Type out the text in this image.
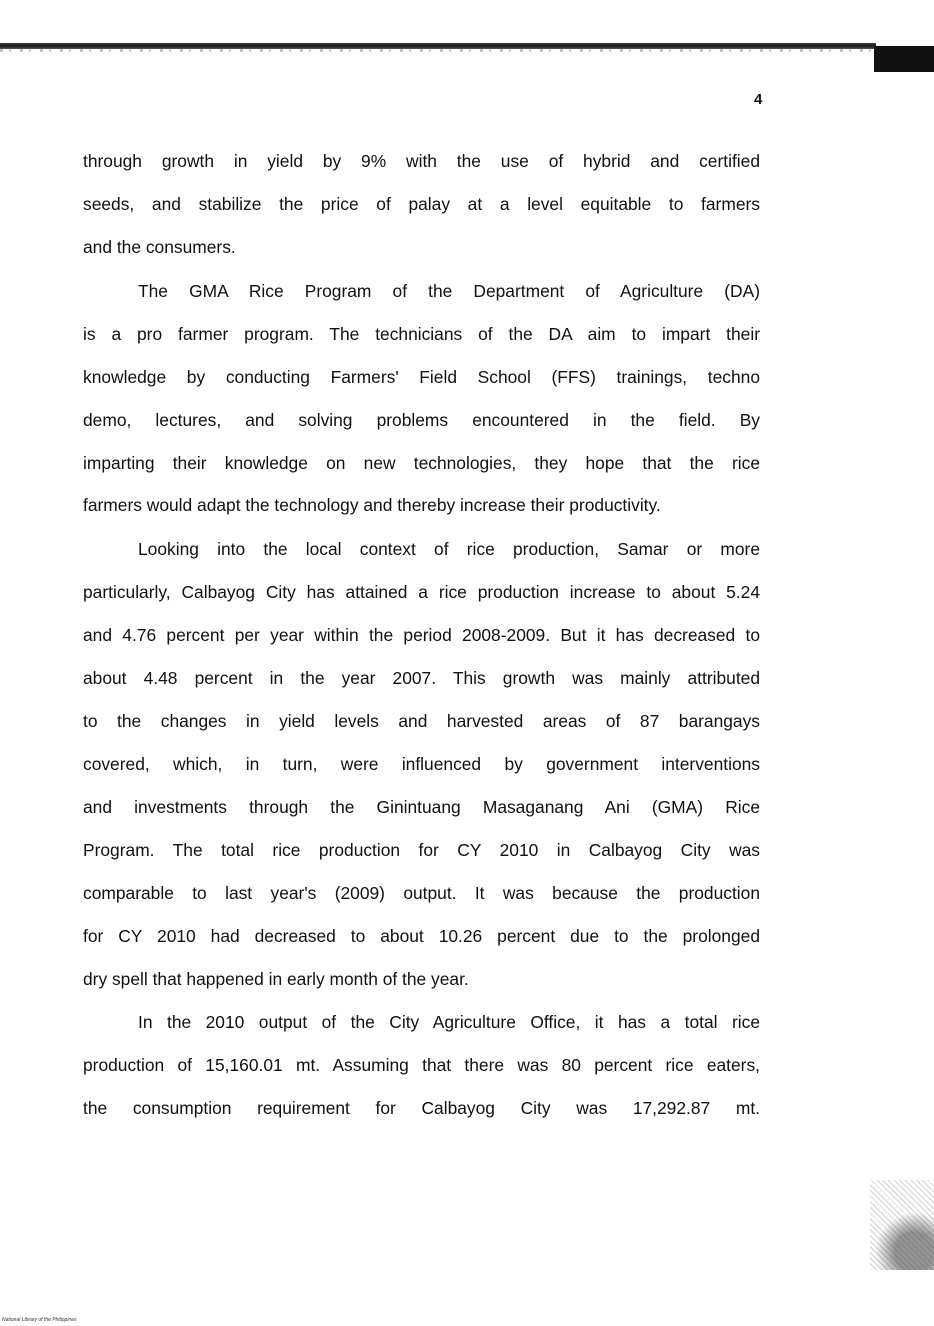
4
through growth in yield by 9% with the use of hybrid and certified
seeds, and stabilize the price of palay at a level equitable to farmers
and the consumers.
The GMA Rice Program of the Department of Agriculture (DA)
is a pro farmer program. The technicians of the DA aim to impart their
knowledge by conducting Farmers' Field School (FFS) trainings, techno
demo, lectures, and solving problems encountered in the field. By
imparting their knowledge on new technologies, they hope that the rice
farmers would adapt the technology and thereby increase their productivity.
Looking into the local context of rice production, Samar or more
particularly, Calbayog City has attained a rice production increase to about 5.24
and 4.76 percent per year within the period 2008-2009. But it has decreased to
about 4.48 percent in the year 2007. This growth was mainly attributed
to the changes in yield levels and harvested areas of 87 barangays
covered, which, in turn, were influenced by government interventions
and investments through the Ginintuang Masaganang Ani (GMA) Rice
Program. The total rice production for CY 2010 in Calbayog City was
comparable to last year's (2009) output. It was because the production
for CY 2010 had decreased to about 10.26 percent due to the prolonged
dry spell that happened in early month of the year.
In the 2010 output of the City Agriculture Office, it has a total rice
production of 15,160.01 mt. Assuming that there was 80 percent rice eaters,
the consumption requirement for Calbayog City was 17,292.87 mt.
National Library of the Philippines
